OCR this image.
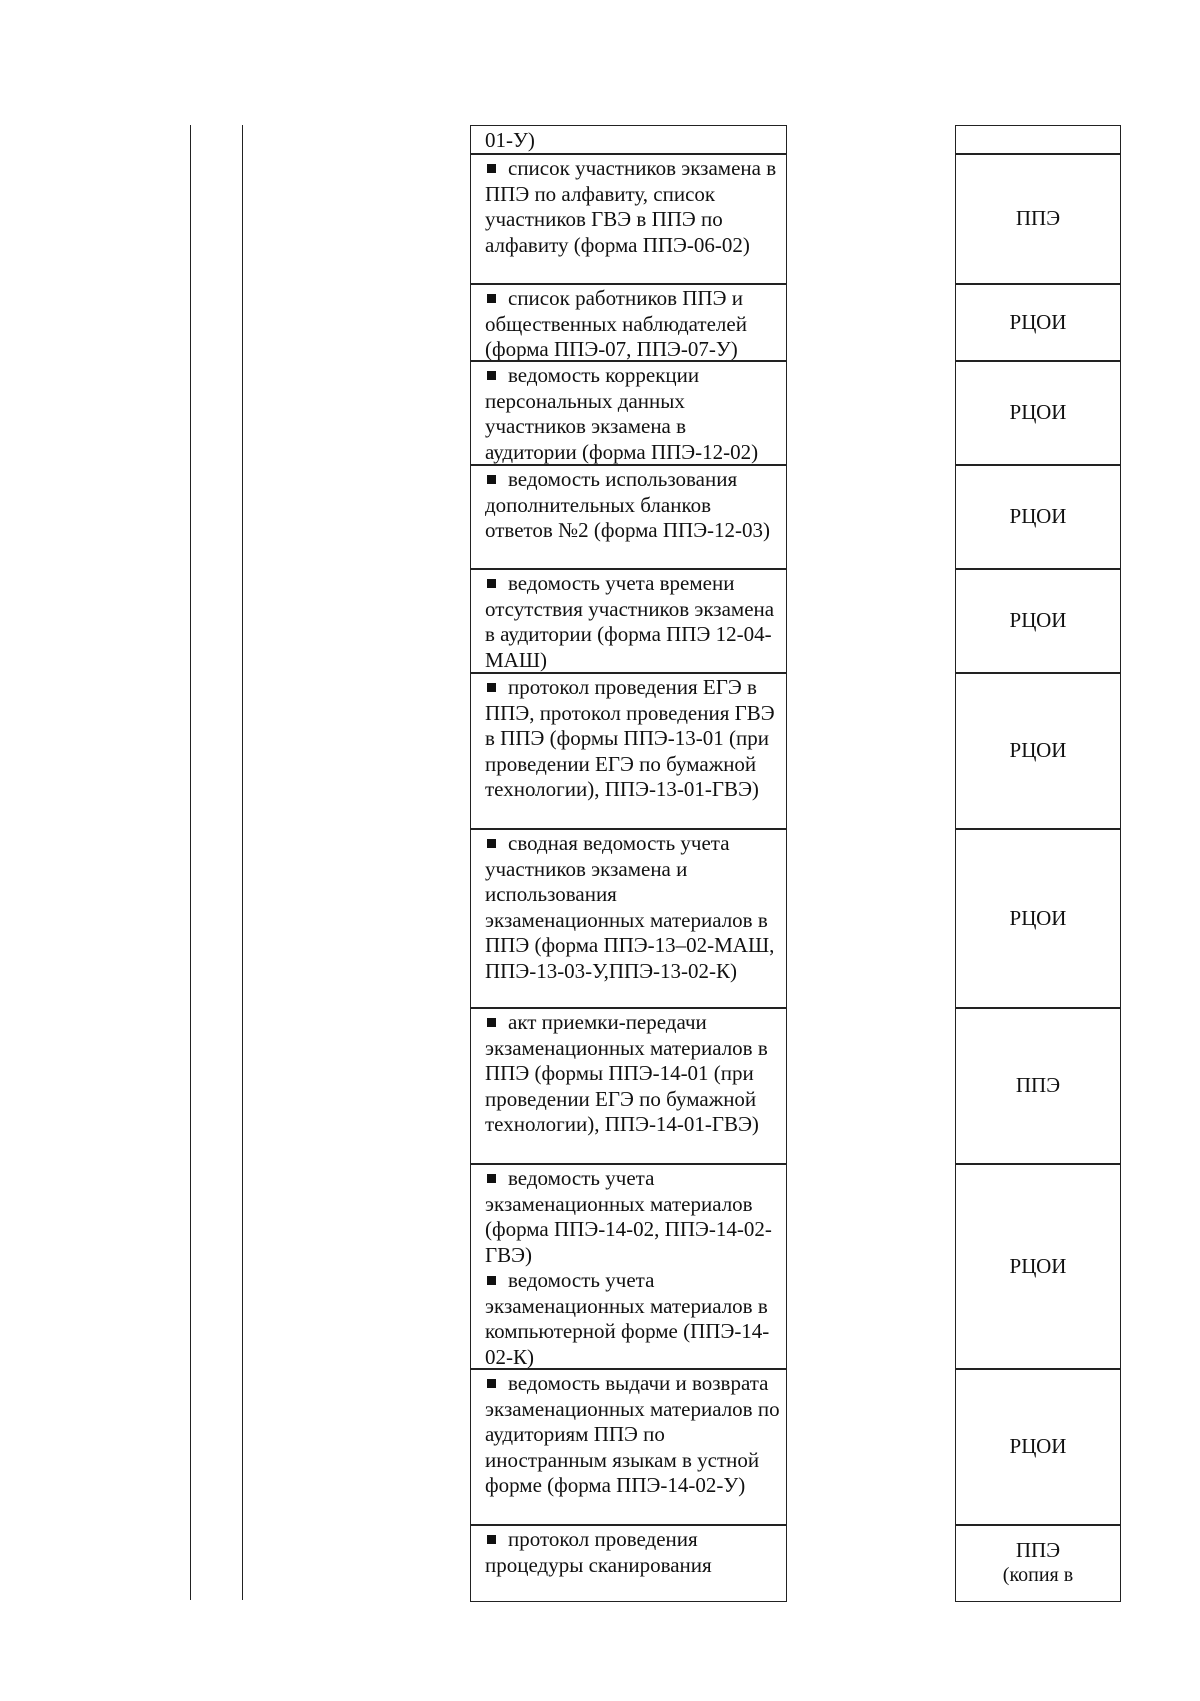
01-У)
список участников экзамена в ППЭ по алфавиту, список участников ГВЭ в ППЭ по алфавиту (форма ППЭ-06-02)
ППЭ
список работников ППЭ и общественных наблюдателей (форма ППЭ-07, ППЭ-07-У)
РЦОИ
ведомость коррекции персональных данных участников экзамена в аудитории (форма ППЭ-12-02)
РЦОИ
ведомость использования дополнительных бланков ответов №2 (форма ППЭ-12-03)
РЦОИ
ведомость учета времени отсутствия участников экзамена в аудитории (форма ППЭ 12-04-МАШ)
РЦОИ
протокол проведения ЕГЭ в ППЭ, протокол проведения ГВЭ в ППЭ (формы ППЭ-13-01 (при проведении ЕГЭ по бумажной технологии), ППЭ-13-01-ГВЭ)
РЦОИ
сводная ведомость учета участников экзамена и использования экзаменационных материалов в ППЭ (форма ППЭ-13–02-МАШ, ППЭ-13-03-У,ППЭ-13-02-К)
РЦОИ
акт приемки-передачи экзаменационных материалов в ППЭ (формы ППЭ-14-01 (при проведении ЕГЭ по бумажной технологии), ППЭ-14-01-ГВЭ)
ППЭ
ведомость учета экзаменационных материалов (форма ППЭ-14-02, ППЭ-14-02-ГВЭ)
ведомость учета экзаменационных материалов в компьютерной форме (ППЭ-14-02-К)
РЦОИ
ведомость выдачи и возврата экзаменационных материалов по аудиториям ППЭ по иностранным языкам в устной форме (форма ППЭ-14-02-У)
РЦОИ
протокол проведения процедуры сканирования
ППЭ
(копия в
